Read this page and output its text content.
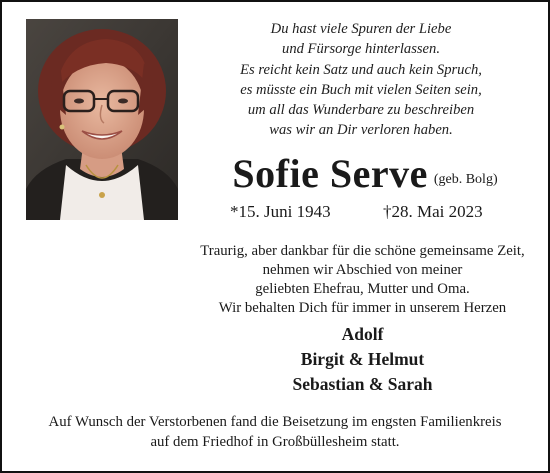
Du hast viele Spuren der Liebe
und Fürsorge hinterlassen.
Es reicht kein Satz und auch kein Spruch,
es müsste ein Buch mit vielen Seiten sein,
um all das Wunderbare zu beschreiben
was wir an Dir verloren haben.
Sofie Serve (geb. Bolg)
*15. Juni 1943	†28. Mai 2023
Traurig, aber dankbar für die schöne gemeinsame Zeit,
nehmen wir Abschied von meiner
geliebten Ehefrau, Mutter und Oma.
Wir behalten Dich für immer in unserem Herzen
Adolf
Birgit & Helmut
Sebastian & Sarah
Auf Wunsch der Verstorbenen fand die Beisetzung im engsten Familienkreis
auf dem Friedhof in Großbüllesheim statt.
